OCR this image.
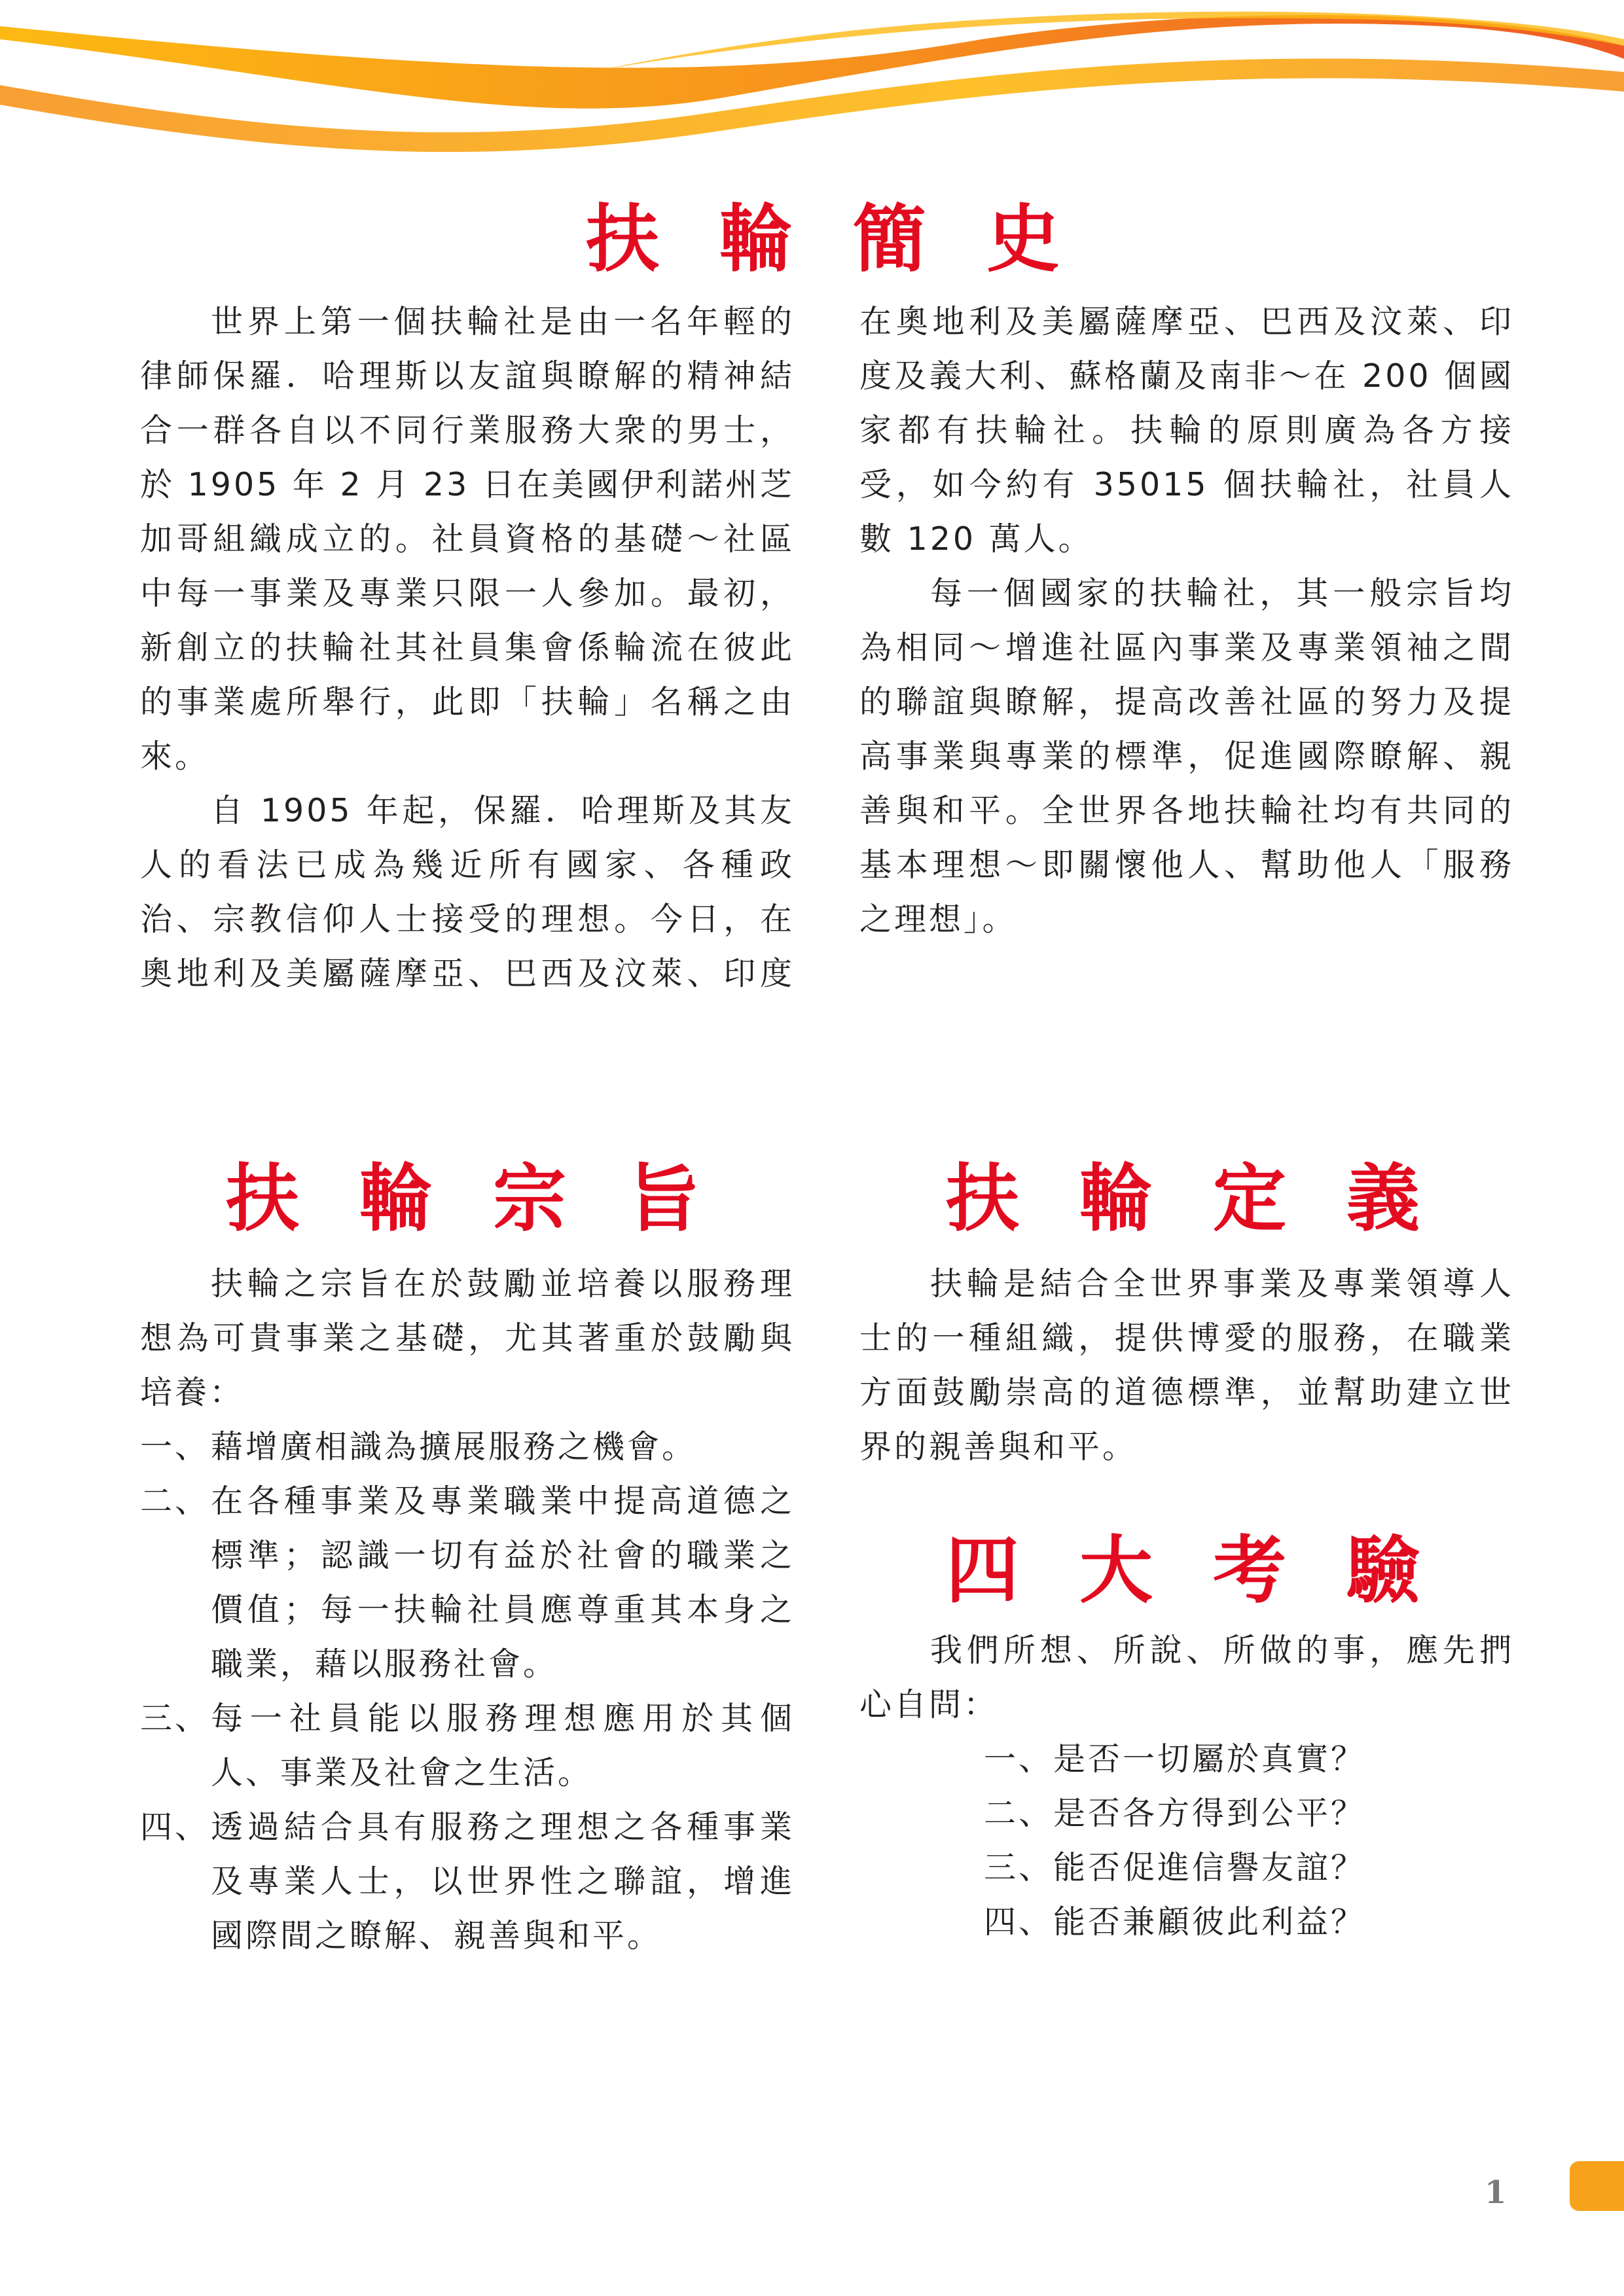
扶輪簡史

世界上第一個扶輪社是由一名年輕的律師保羅．哈理斯以友誼與瞭解的精神結合一群各自以不同行業服務大衆的男士，於 1905 年 2 月 23 日在美國伊利諾州芝加哥組織成立的。社員資格的基礎～社區中每一事業及專業只限一人參加。最初，新創立的扶輪社其社員集會係輪流在彼此的事業處所舉行，此即「扶輪」名稱之由來。

自 1905 年起，保羅．哈理斯及其友人的看法已成為幾近所有國家、各種政治、宗教信仰人士接受的理想。今日，在奧地利及美屬薩摩亞、巴西及汶萊、印度

在奧地利及美屬薩摩亞、巴西及汶萊、印度及義大利、蘇格蘭及南非～在 200 個國家都有扶輪社。扶輪的原則廣為各方接受，如今約有 35015 個扶輪社，社員人數 120 萬人。

每一個國家的扶輪社，其一般宗旨均為相同～增進社區內事業及專業領袖之間的聯誼與瞭解，提高改善社區的努力及提高事業與專業的標準，促進國際瞭解、親善與和平。全世界各地扶輪社均有共同的基本理想～即關懷他人、幫助他人「服務之理想」。

扶輪宗旨

扶輪之宗旨在於鼓勵並培養以服務理想為可貴事業之基礎，尤其著重於鼓勵與培養：

一、 藉增廣相識為擴展服務之機會。
二、 在各種事業及專業職業中提高道德之標準；認識一切有益於社會的職業之價值；每一扶輪社員應尊重其本身之職業，藉以服務社會。
三、 每一社員能以服務理想應用於其個人、事業及社會之生活。
四、 透過結合具有服務之理想之各種事業及專業人士，以世界性之聯誼，增進國際間之瞭解、親善與和平。
扶輪定義

扶輪是結合全世界事業及專業領導人士的一種組織，提供博愛的服務，在職業方面鼓勵崇高的道德標準，並幫助建立世界的親善與和平。

四大考驗

我們所想、所說、所做的事，應先捫心自問：

一、是否一切屬於真實？
二、是否各方得到公平？
三、能否促進信譽友誼？
四、能否兼顧彼此利益？
1
